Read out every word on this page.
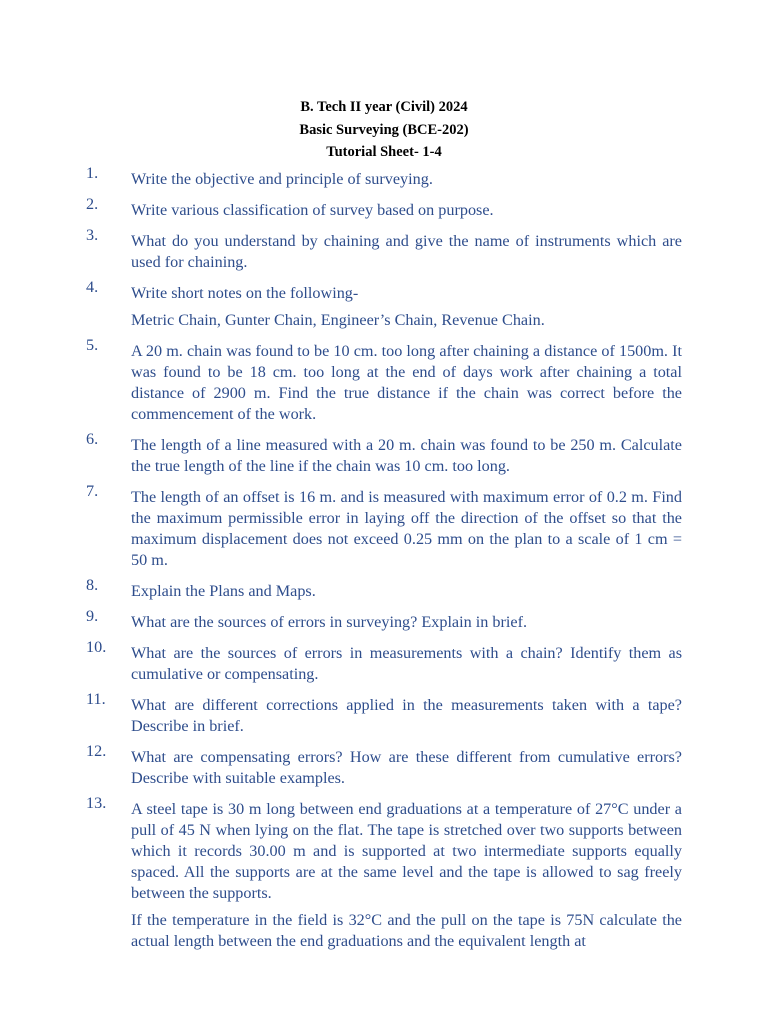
B. Tech II year (Civil) 2024
Basic Surveying (BCE-202)
Tutorial Sheet- 1-4
1. Write the objective and principle of surveying.
2. Write various classification of survey based on purpose.
3. What do you understand by chaining and give the name of instruments which are used for chaining.
4. Write short notes on the following-
Metric Chain, Gunter Chain, Engineer’s Chain, Revenue Chain.
5. A 20 m. chain was found to be 10 cm. too long after chaining a distance of 1500m. It was found to be 18 cm. too long at the end of days work after chaining a total distance of 2900 m. Find the true distance if the chain was correct before the commencement of the work.
6. The length of a line measured with a 20 m. chain was found to be 250 m. Calculate the true length of the line if the chain was 10 cm. too long.
7. The length of an offset is 16 m. and is measured with maximum error of 0.2 m. Find the maximum permissible error in laying off the direction of the offset so that the maximum displacement does not exceed 0.25 mm on the plan to a scale of 1 cm = 50 m.
8. Explain the Plans and Maps.
9. What are the sources of errors in surveying? Explain in brief.
10. What are the sources of errors in measurements with a chain? Identify them as cumulative or compensating.
11. What are different corrections applied in the measurements taken with a tape? Describe in brief.
12. What are compensating errors? How are these different from cumulative errors? Describe with suitable examples.
13. A steel tape is 30 m long between end graduations at a temperature of 27°C under a pull of 45 N when lying on the flat. The tape is stretched over two supports between which it records 30.00 m and is supported at two intermediate supports equally spaced. All the supports are at the same level and the tape is allowed to sag freely between the supports.
If the temperature in the field is 32°C and the pull on the tape is 75N calculate the actual length between the end graduations and the equivalent length at
